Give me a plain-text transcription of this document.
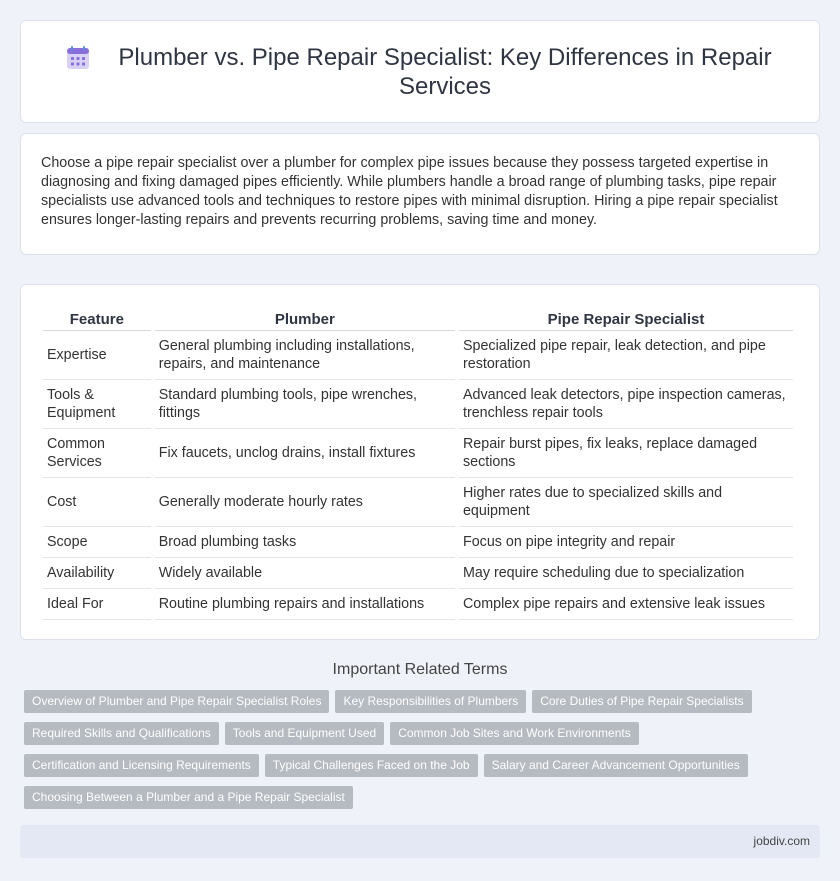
Plumber vs. Pipe Repair Specialist: Key Differences in Repair Services

Choose a pipe repair specialist over a plumber for complex pipe issues because they possess targeted expertise in diagnosing and fixing damaged pipes efficiently. While plumbers handle a broad range of plumbing tasks, pipe repair specialists use advanced tools and techniques to restore pipes with minimal disruption. Hiring a pipe repair specialist ensures longer-lasting repairs and prevents recurring problems, saving time and money.

Feature	Plumber	Pipe Repair Specialist
Expertise	General plumbing including installations, repairs, and maintenance	Specialized pipe repair, leak detection, and pipe restoration
Tools & Equipment	Standard plumbing tools, pipe wrenches, fittings	Advanced leak detectors, pipe inspection cameras, trenchless repair tools
Common Services	Fix faucets, unclog drains, install fixtures	Repair burst pipes, fix leaks, replace damaged sections
Cost	Generally moderate hourly rates	Higher rates due to specialized skills and equipment
Scope	Broad plumbing tasks	Focus on pipe integrity and repair
Availability	Widely available	May require scheduling due to specialization
Ideal For	Routine plumbing repairs and installations	Complex pipe repairs and extensive leak issues
Important Related Terms
Overview of Plumber and Pipe Repair Specialist Roles	Key Responsibilities of Plumbers	Core Duties of Pipe Repair Specialists
Required Skills and Qualifications	Tools and Equipment Used	Common Job Sites and Work Environments
Certification and Licensing Requirements	Typical Challenges Faced on the Job	Salary and Career Advancement Opportunities
Choosing Between a Plumber and a Pipe Repair Specialist
jobdiv.com
